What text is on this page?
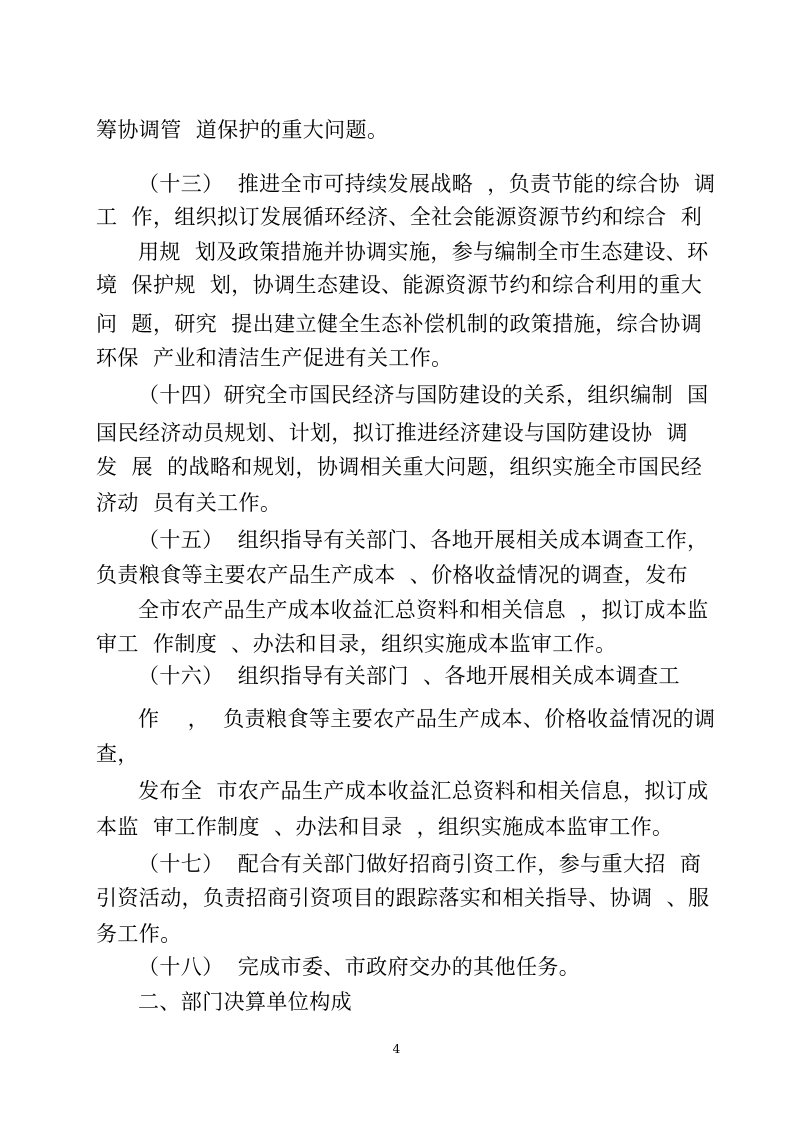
筹协调管  道保护的重大问题。
（十三）  推进全市可持续发展战略  ，负责节能的综合协  调
工  作，组织拟订发展循环经济、全社会能源资源节约和综合  利
用规  划及政策措施并协调实施，参与编制全市生态建设、环
境  保护规  划，协调生态建设、能源资源节约和综合利用的重大
问  题，研究  提出建立健全生态补偿机制的政策措施，综合协调
环保  产业和清洁生产促进有关工作。
（十四）研究全市国民经济与国防建设的关系，组织编制  国
国民经济动员规划、计划，拟订推进经济建设与国防建设协  调
发  展  的战略和规划，协调相关重大问题，组织实施全市国民经
济动  员有关工作。
（十五）  组织指导有关部门、各地开展相关成本调查工作，
负责粮食等主要农产品生产成本  、价格收益情况的调查，发布
全市农产品生产成本收益汇总资料和相关信息  ，拟订成本监
审工  作制度  、办法和目录，组织实施成本监审工作。
（十六）  组织指导有关部门  、各地开展相关成本调查工
作    ，  负责粮食等主要农产品生产成本、价格收益情况的调
查，
发布全  市农产品生产成本收益汇总资料和相关信息，拟订成
本监  审工作制度  、办法和目录  ，组织实施成本监审工作。
（十七）  配合有关部门做好招商引资工作，参与重大招  商
引资活动，负责招商引资项目的跟踪落实和相关指导、协调  、服
务工作。
（十八）  完成市委、市政府交办的其他任务。
二、部门决算单位构成
4
